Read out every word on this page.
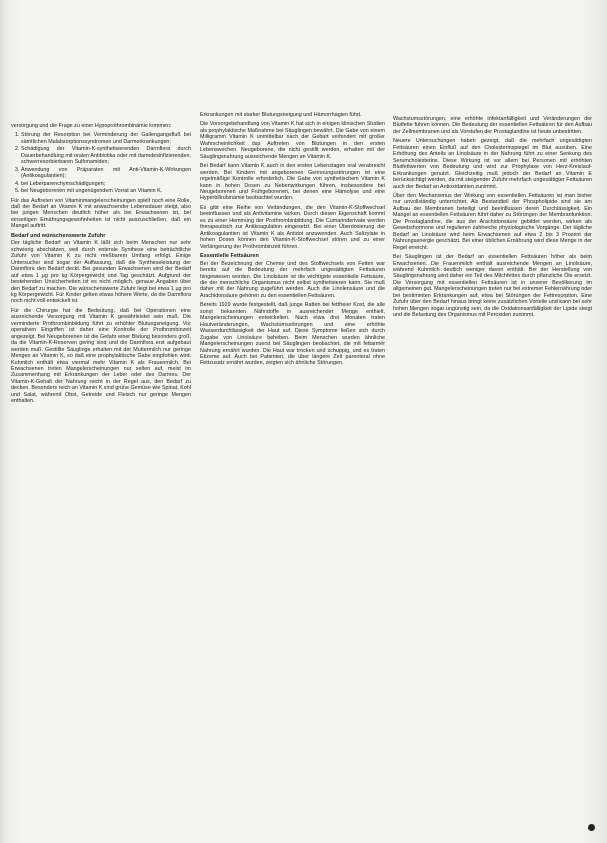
versorgung und die Frage zu einer Hypoprothrombinämie kommen:

1. Störung der Resorption bei Verminderung der Gallengangsfluß bei sämtlichen Malabsorptionssyndromen und Darmerkrankungen;
2. Schädigung der Vitamin-K-synthetisierenden Darmflora durch Dauerbehandlung mit oralen Antibiotika oder mit darmdesinfizierenden, schwerresorbierbaren Sulfonamiden;
3. Anwendung von Präparaten mit Anti-Vitamin-K-Wirkungen (Antikoagulantien);
4. bei Leberparenchymschädigungen;
5. bei Neugeborenen mit ungenügendem Vorrat an Vitamin K.

Für das Auftreten von Vitaminmangelerscheinungen spielt noch eine Rolle, daß der Bedarf an Vitamin K mit anwachsender Lebensdauer steigt, also bei jungen Menschen deutlich höher als bei Erwachsenen ist, bei einseitigen Ernährungsgewohnheiten ist nicht auszuschließen, daß ein Mangel auftritt.

Bedarf und wünschenswerte Zufuhr

Der tägliche Bedarf an Vitamin K läßt sich beim Menschen nur sehr schwierig abschätzen, weil durch enterale Synthese eine beträchtliche Zufuhr von Vitamin K zu nicht meßbarem Umfang erfolgt. Einige Untersucher sind sogar der Auffassung, daß die Syntheseleistung der Darmflora den Bedarf deckt. Bei gesunden Erwachsenen wird der Bedarf auf etwa 1 µg pro kg Körpergewicht und Tag geschätzt. Aufgrund der bestehenden Unsicherheiten ist es nicht möglich, genaue Angaben über den Bedarf zu machen. Die wünschenswerte Zufuhr liegt bei etwa 1 µg pro kg Körpergewicht. Für Kinder gelten etwas höhere Werte, da die Darmflora noch nicht voll entwickelt ist.

Für die Chirurgie hat die Bedeutung, daß bei Operationen eine ausreichende Versorgung mit Vitamin K gewährleistet sein muß. Die verminderte Prothrombinbildung führt zu erhöhter Blutungsneigung. Vor operativen Eingriffen ist daher eine Kontrolle der Prothrombinzeit angezeigt. Bei Neugeborenen ist die Gefahr einer Blutung besonders groß, da die Vitamin-K-Reserven gering sind und die Darmflora erst aufgebaut werden muß. Gestillte Säuglinge erhalten mit der Muttermilch nur geringe Mengen an Vitamin K, so daß eine prophylaktische Gabe empfohlen wird. Kuhmilch enthält etwa viermal mehr Vitamin K als Frauenmilch. Bei Erwachsenen treten Mangelerscheinungen nur selten auf, meist im Zusammenhang mit Erkrankungen der Leber oder des Darmes. Der Vitamin-K-Gehalt der Nahrung reicht in der Regel aus, den Bedarf zu decken. Besonders reich an Vitamin K sind grüne Gemüse wie Spinat, Kohl und Salat, während Obst, Getreide und Fleisch nur geringe Mengen enthalten.

Erkrankungen mit starker Blutungsneigung und Hämorrhagien führt.

Die Vorsorgebehandlung von Vitamin K hat sich in einigen klinischen Studien als prophylaktische Maßnahme bei Säuglingen bewährt. Die Gabe von einem Milligramm Vitamin K unmittelbar nach der Geburt verhindert mit großer Wahrscheinlichkeit das Auftreten von Blutungen in den ersten Lebenswochen. Neugeborene, die nicht gestillt werden, erhalten mit der Säuglingsnahrung ausreichende Mengen an Vitamin K.

Bei Bedarf kann Vitamin K auch in den ersten Lebenstagen oral verabreicht werden. Bei Kindern mit angeborenen Gerinnungsstörungen ist eine regelmäßige Kontrolle erforderlich. Die Gabe von synthetischem Vitamin K kann in hohen Dosen zu Nebenwirkungen führen, insbesondere bei Neugeborenen und Frühgeborenen, bei denen eine Hämolyse und eine Hyperbilirubinämie beobachtet wurden.

Es gibt eine Reihe von Verbindungen, die den Vitamin-K-Stoffwechsel beeinflussen und als Antivitamine wirken. Durch diesen Eigenschaft kommt es zu einer Hemmung der Prothrombinbildung. Die Cumarinderivate werden therapeutisch zur Antikoagulation eingesetzt. Bei einer Überdosierung der Antikoagulantien ist Vitamin K als Antidot anzuwenden. Auch Salizylate in hohen Dosen können den Vitamin-K-Stoffwechsel stören und zu einer Verlängerung der Prothrombinzeit führen.

Essentielle Fettsäuren

Bei der Bezeichnung der Chemie und des Stoffwechsels von Fetten war bereits auf die Bedeutung der mehrfach ungesättigten Fettsäuren hingewiesen worden. Die Linolsäure ist die wichtigste essentielle Fettsäure, die der menschliche Organismus nicht selbst synthetisieren kann. Sie muß daher mit der Nahrung zugeführt werden. Auch die Linolensäure und die Arachidonsäure gehören zu den essentiellen Fettsäuren.

Bereits 1929 wurde festgestellt, daß junge Ratten bei fettfreier Kost, die alle sonst bekannten Nährstoffe in ausreichender Menge enthielt, Mangelerscheinungen entwickelten. Nach etwa drei Monaten traten Hautveränderungen, Wachstumsstörungen und eine erhöhte Wasserdurchlässigkeit der Haut auf. Diese Symptome ließen sich durch Zugabe von Linolsäure beheben. Beim Menschen wurden ähnliche Mangelerscheinungen zuerst bei Säuglingen beobachtet, die mit fettarmer Nahrung ernährt wurden. Die Haut war trocken und schuppig, und es traten Ekzeme auf. Auch bei Patienten, die über längere Zeit parenteral ohne Fettzusatz ernährt wurden, zeigten sich ähnliche Störungen.

Wachstumsstörungen, eine erhöhte Infektanfälligkeit und Veränderungen der Blutfette führen können. Die Bedeutung der essentiellen Fettsäuren für den Aufbau der Zellmembranen und als Vorstufen der Prostaglandine ist heute unbestritten.

Neuere Untersuchungen haben gezeigt, daß die mehrfach ungesättigten Fettsäuren einen Einfluß auf den Cholesterinspiegel im Blut ausüben. Eine Erhöhung des Anteils an Linolsäure in der Nahrung führt zu einer Senkung des Serumcholesterins. Diese Wirkung ist vor allem bei Personen mit erhöhten Blutfettwerten von Bedeutung und wird zur Prophylaxe von Herz-Kreislauf-Erkrankungen genutzt. Gleichzeitig muß jedoch der Bedarf an Vitamin E berücksichtigt werden, da mit steigender Zufuhr mehrfach ungesättigter Fettsäuren auch der Bedarf an Antioxidantien zunimmt.

Über den Mechanismus der Wirkung von essentiellen Fettsäuren ist man bisher nur unvollständig unterrichtet. Als Bestandteil der Phospholipide sind sie am Aufbau der Membranen beteiligt und beeinflussen deren Durchlässigkeit. Ein Mangel an essentiellen Fettsäuren führt daher zu Störungen der Membranfunktion. Die Prostaglandine, die aus der Arachidonsäure gebildet werden, wirken als Gewebshormone und regulieren zahlreiche physiologische Vorgänge. Der tägliche Bedarf an Linolsäure wird beim Erwachsenen auf etwa 2 bis 3 Prozent der Nahrungsenergie geschätzt. Bei einer üblichen Ernährung wird diese Menge in der Regel erreicht.

Bei Säuglingen ist der Bedarf an essentiellen Fettsäuren höher als beim Erwachsenen. Die Frauenmilch enthält ausreichende Mengen an Linolsäure, während Kuhmilch deutlich weniger davon enthält. Bei der Herstellung von Säuglingsnahrung wird daher ein Teil des Milchfettes durch pflanzliche Öle ersetzt. Die Versorgung mit essentiellen Fettsäuren ist in unserer Bevölkerung im allgemeinen gut. Mangelerscheinungen treten nur bei extremer Fehlernährung oder bei bestimmten Erkrankungen auf, etwa bei Störungen der Fettresorption. Eine Zufuhr über den Bedarf hinaus bringt keine zusätzlichen Vorteile und kann bei sehr hohen Mengen sogar ungünstig sein, da die Oxidationsanfälligkeit der Lipide steigt und die Belastung des Organismus mit Peroxiden zunimmt.
